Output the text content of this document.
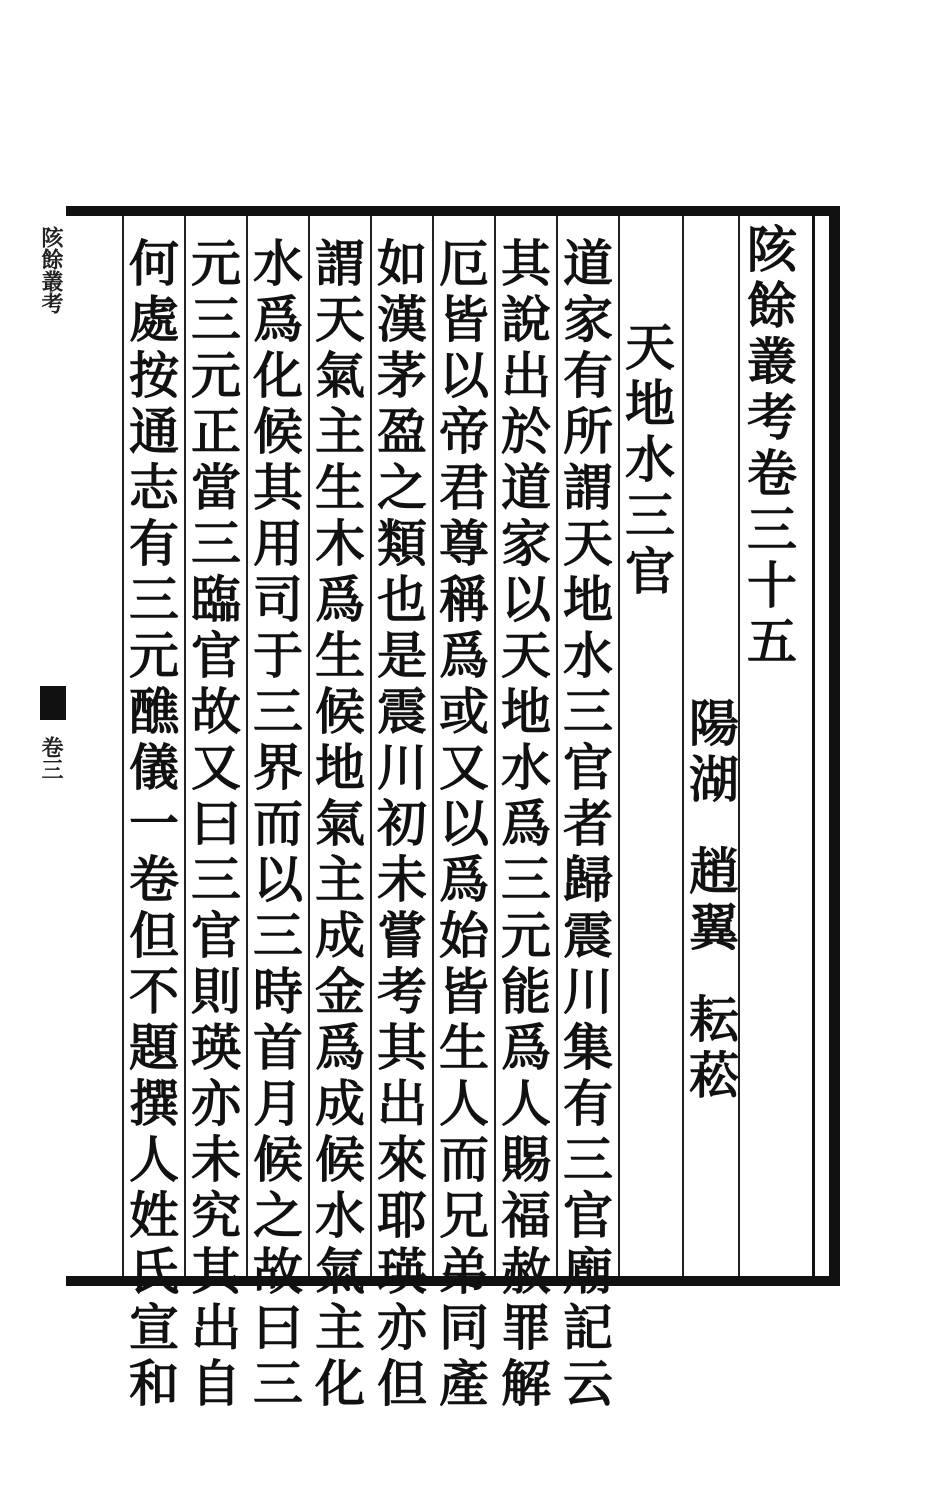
陔餘叢考
卷三
陔
餘
叢
考
卷
三
十
五
陽
湖
趙
翼
耘
菘
天
地
水
三
官
道
家
有
所
謂
天
地
水
三
官
者
歸
震
川
集
有
三
官
廟
記
云
其
說
出
於
道
家
以
天
地
水
爲
三
元
能
爲
人
賜
福
赦
罪
解
厄
皆
以
帝
君
尊
稱
爲
或
又
以
爲
始
皆
生
人
而
兄
弟
同
產
如
漢
茅
盈
之
類
也
是
震
川
初
未
嘗
考
其
出
來
耶
瑛
亦
但
謂
天
氣
主
生
木
爲
生
候
地
氣
主
成
金
爲
成
候
水
氣
主
化
水
爲
化
候
其
用
司
于
三
界
而
以
三
時
首
月
候
之
故
曰
三
元
三
元
正
當
三
臨
官
故
又
曰
三
官
則
瑛
亦
未
究
其
出
自
何
處
按
通
志
有
三
元
醮
儀
一
卷
但
不
題
撰
人
姓
氏
宣
和
